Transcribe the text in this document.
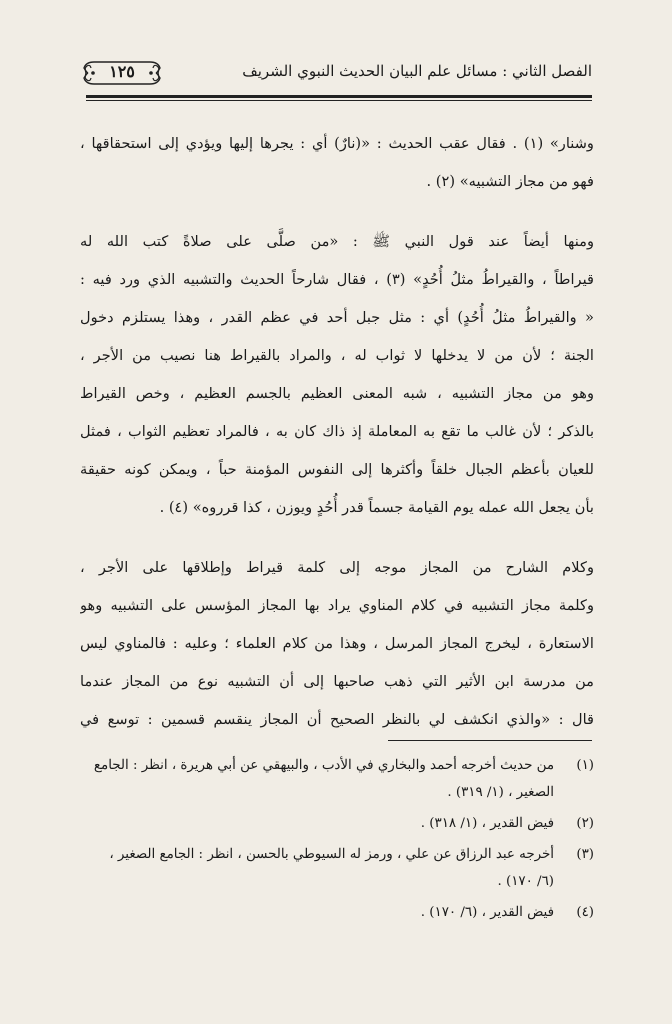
١٢٥	الفصل الثاني : مسائل علم البيان الحديث النبوي الشريف
وشنار» (١) . فقال عقب الحديث : «(نارٌ) أي : يجرها إليها ويؤدي إلى استحقاقها ،
فهو من مجاز التشبيه» (٢) .
ومنها أيضاً عند قول النبي ﷺ : «من صلَّى على صلاةً كتب الله له
قيراطاً ، والقيراطُ مثلُ أُحُدٍ» (٣) ، فقال شارحاً الحديث والتشبيه الذي ورد فيه :
« والقيراطُ مثلُ أُحُدٍ) أي : مثل جبل أحد في عظم القدر ، وهذا يستلزم دخول
الجنة ؛ لأن من لا يدخلها لا ثواب له ، والمراد بالقيراط هنا نصيب من الأجر ،
وهو من مجاز التشبيه ، شبه المعنى العظيم بالجسم العظيم ، وخص القيراط
بالذكر ؛ لأن غالب ما تقع به المعاملة إذ ذاك كان به ، فالمراد تعظيم الثواب ، فمثل
للعيان بأعظم الجبال خلقاً وأكثرها إلى النفوس المؤمنة حباً ، ويمكن كونه حقيقة
بأن يجعل الله عمله يوم القيامة جسماً قدر أُحُدٍ ويوزن ، كذا قرروه» (٤) .
وكلام الشارح من المجاز موجه إلى كلمة قيراط وإطلاقها على الأجر ،
وكلمة مجاز التشبيه في كلام المناوي يراد بها المجاز المؤسس على التشبيه وهو
الاستعارة ، ليخرج المجاز المرسل ، وهذا من كلام العلماء ؛ وعليه : فالمناوي ليس
من مدرسة ابن الأثير التي ذهب صاحبها إلى أن التشبيه نوع من المجاز عندما
قال : «والذي انكشف لي بالنظر الصحيح أن المجاز ينقسم قسمين : توسع في
(١)
من حديث أخرجه أحمد والبخاري في الأدب ، والبيهقي عن أبي هريرة ، انظر : الجامع
الصغير ، (١/ ٣١٩) .
(٢)
فيض القدير ، (١/ ٣١٨) .
(٣)
أخرجه عبد الرزاق عن علي ، ورمز له السيوطي بالحسن ، انظر : الجامع الصغير ،
(٦/ ١٧٠) .
(٤)
فيض القدير ، (٦/ ١٧٠) .
